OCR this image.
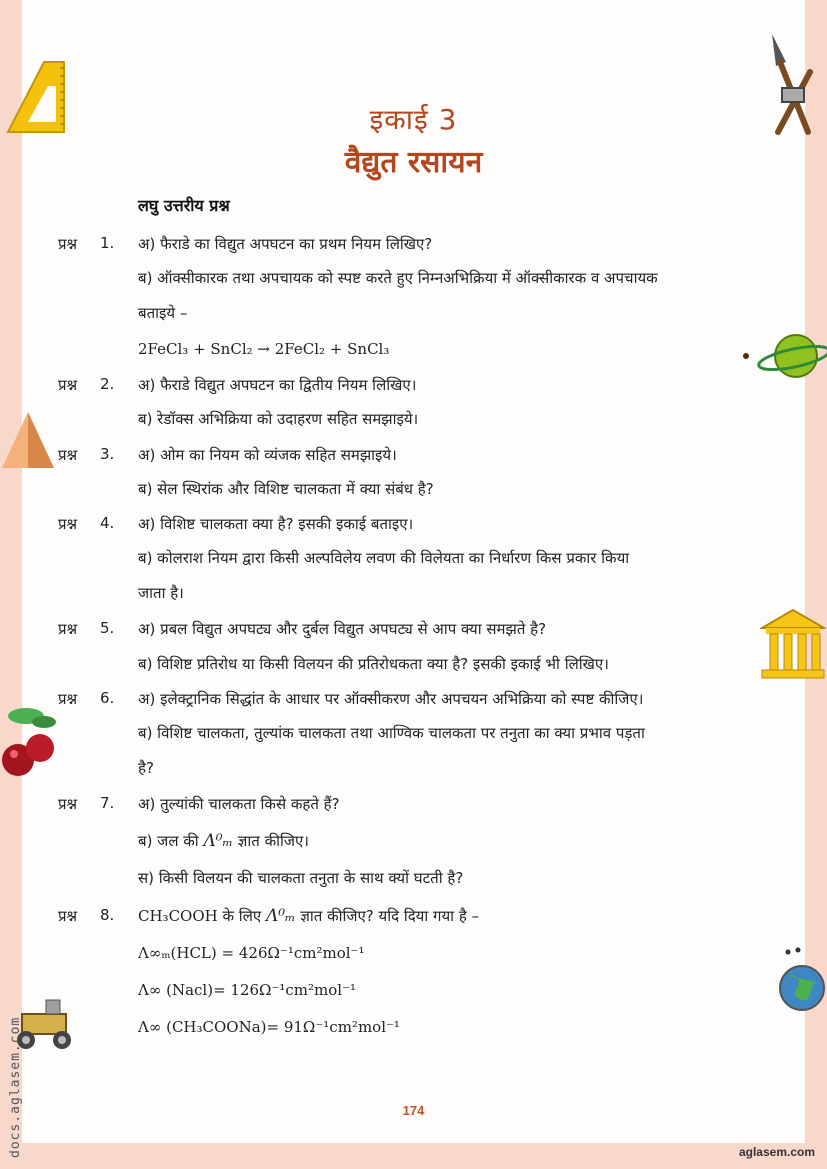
इकाई 3
वैद्युत रसायन
लघु उत्तरीय प्रश्न
प्रश्न 1. अ) फैराडे का विद्युत अपघटन का प्रथम नियम लिखिए?
ब) ऑक्सीकारक तथा अपचायक को स्पष्ट करते हुए निम्नअभिक्रिया में ऑक्सीकारक व अपचायक
बताइये –
2FeCl₃ + SnCl₂ → 2FeCl₂ + SnCl₃
प्रश्न 2. अ) फैराडे विद्युत अपघटन का द्वितीय नियम लिखिए।
ब) रेडॉक्स अभिक्रिया को उदाहरण सहित समझाइये।
प्रश्न 3. अ) ओम का नियम को व्यंजक सहित समझाइये।
ब) सेल स्थिरांक और विशिष्ट चालकता में क्या संबंध है?
प्रश्न 4. अ) विशिष्ट चालकता क्या है? इसकी इकाई बताइए।
ब) कोलराश नियम द्वारा किसी अल्पविलेय लवण की विलेयता का निर्धारण किस प्रकार किया
जाता है।
प्रश्न 5. अ) प्रबल विद्युत अपघट्य और दुर्बल विद्युत अपघट्य से आप क्या समझते है?
ब) विशिष्ट प्रतिरोध या किसी विलयन की प्रतिरोधकता क्या है? इसकी इकाई भी लिखिए।
प्रश्न 6. अ) इलेक्ट्रानिक सिद्धांत के आधार पर ऑक्सीकरण और अपचयन अभिक्रिया को स्पष्ट कीजिए।
ब) विशिष्ट चालकता, तुल्यांक चालकता तथा आण्विक चालकता पर तनुता का क्या प्रभाव पड़ता
है?
प्रश्न 7. अ) तुल्यांकी चालकता किसे कहते हैं?
ब) जल की Λ⁰ₘ ज्ञात कीजिए।
स) किसी विलयन की चालकता तनुता के साथ क्यों घटती है?
प्रश्न 8. CH₃COOH के लिए Λ⁰ₘ ज्ञात कीजिए? यदि दिया गया है –
Λ∞ₘ(HCL) = 426Ω⁻¹cm²mol⁻¹
Λ∞ (Nacl)= 126Ω⁻¹cm²mol⁻¹
Λ∞ (CH₃COONa)= 91Ω⁻¹cm²mol⁻¹
174
aglasem.com
docs.aglasem.com
